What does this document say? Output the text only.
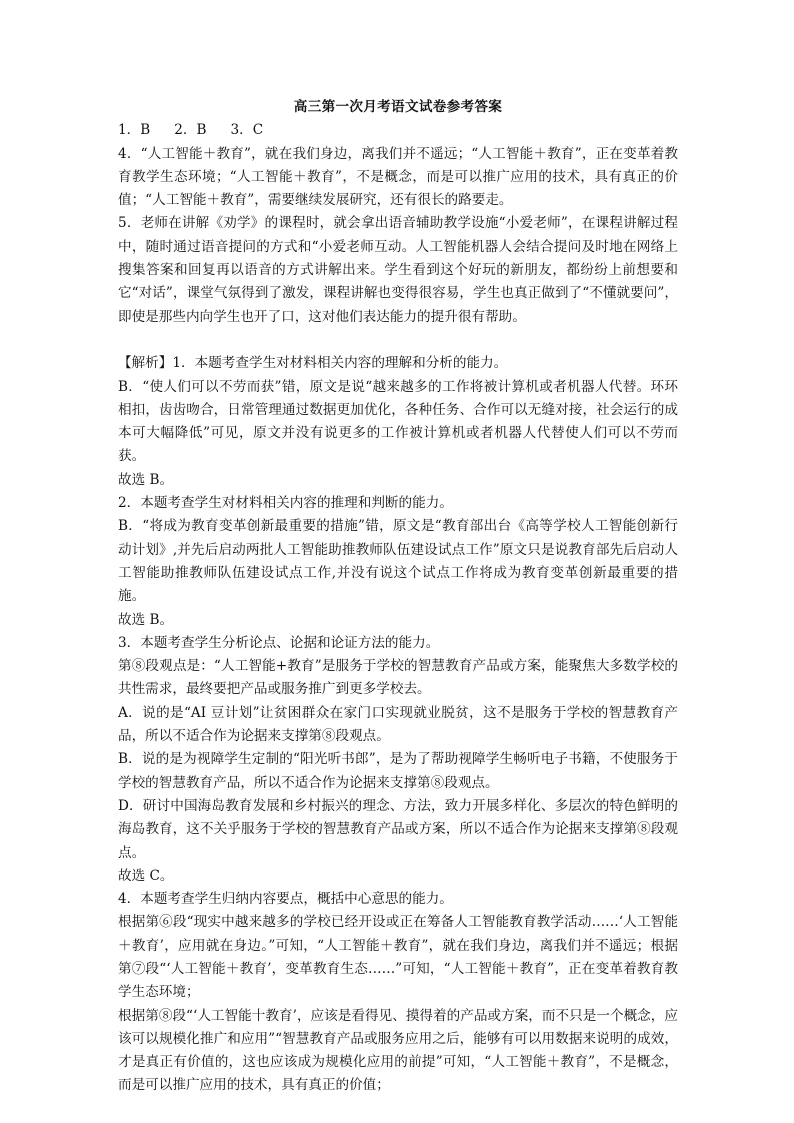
高三第一次月考语文试卷参考答案

1．B 2．B 3．C

4．“人工智能＋教育”，就在我们身边，离我们并不遥远；“人工智能＋教育”，正在变革着教育教学生态环境；“人工智能＋教育”，不是概念，而是可以推广应用的技术，具有真正的价值；“人工智能＋教育”，需要继续发展研究，还有很长的路要走。

5．老师在讲解《劝学》的课程时，就会拿出语音辅助教学设施“小爱老师”，在课程讲解过程中，随时通过语音提问的方式和“小爱老师互动。人工智能机器人会结合提问及时地在网络上搜集答案和回复再以语音的方式讲解出来。学生看到这个好玩的新朋友，都纷纷上前想要和它“对话”，课堂气氛得到了激发，课程讲解也变得很容易，学生也真正做到了“不懂就要问”，即使是那些内向学生也开了口，这对他们表达能力的提升很有帮助。

【解析】1．本题考查学生对材料相关内容的理解和分析的能力。

B．“使人们可以不劳而获”错，原文是说“越来越多的工作将被计算机或者机器人代替。环环相扣，齿齿吻合，日常管理通过数据更加优化，各种任务、合作可以无缝对接，社会运行的成本可大幅降低”可见，原文并没有说更多的工作被计算机或者机器人代替使人们可以不劳而获。

故选 B。

2．本题考查学生对材料相关内容的推理和判断的能力。

B．“将成为教育变革创新最重要的措施”错，原文是“教育部出台《高等学校人工智能创新行动计划》,并先后启动两批人工智能助推教师队伍建设试点工作”原文只是说教育部先后启动人工智能助推教师队伍建设试点工作,并没有说这个试点工作将成为教育变革创新最重要的措施。

故选 B。

3．本题考查学生分析论点、论据和论证方法的能力。

第⑧段观点是：“人工智能+教育”是服务于学校的智慧教育产品或方案，能聚焦大多数学校的共性需求，最终要把产品或服务推广到更多学校去。

A．说的是“AI 豆计划”让贫困群众在家门口实现就业脱贫，这不是服务于学校的智慧教育产品，所以不适合作为论据来支撑第⑧段观点。

B．说的是为视障学生定制的“阳光听书郎”，是为了帮助视障学生畅听电子书籍，不使服务于学校的智慧教育产品，所以不适合作为论据来支撑第⑧段观点。

D．研讨中国海岛教育发展和乡村振兴的理念、方法，致力开展多样化、多层次的特色鲜明的海岛教育，这不关乎服务于学校的智慧教育产品或方案，所以不适合作为论据来支撑第⑧段观点。

故选 C。

4．本题考查学生归纳内容要点，概括中心意思的能力。

根据第⑥段“现实中越来越多的学校已经开设或正在筹备人工智能教育教学活动……‘人工智能＋教育’，应用就在身边。”可知，“人工智能＋教育”，就在我们身边，离我们并不遥远；根据第⑦段“‘人工智能＋教育’，变革教育生态……”可知，“人工智能＋教育”，正在变革着教育教学生态环境；

根据第⑧段“‘人工智能十教育’，应该是看得见、摸得着的产品或方案，而不只是一个概念，应该可以规模化推广和应用”“智慧教育产品或服务应用之后，能够有可以用数据来说明的成效，才是真正有价值的，这也应该成为规模化应用的前提”可知，“人工智能＋教育”，不是概念，而是可以推广应用的技术，具有真正的价值；
